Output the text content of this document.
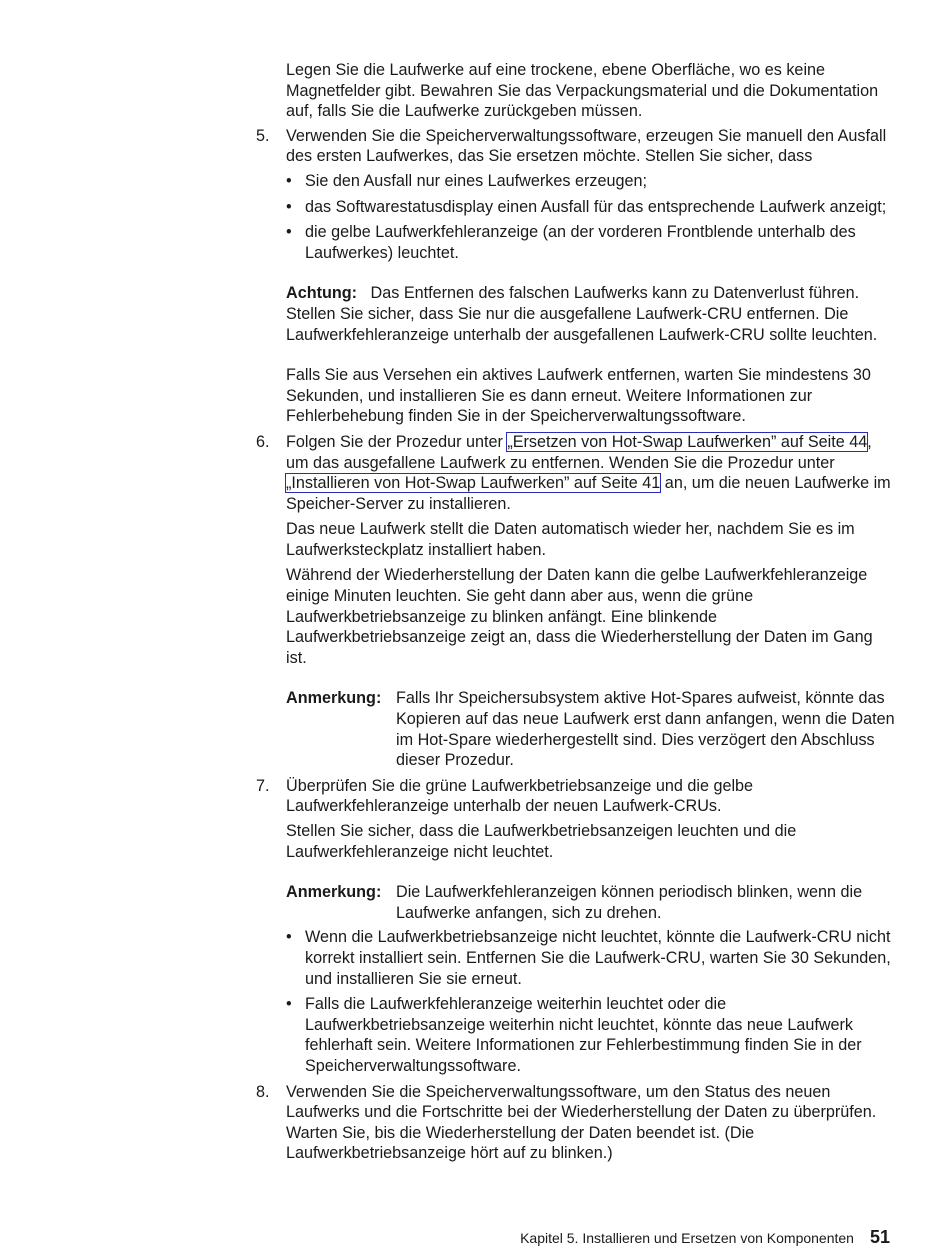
Legen Sie die Laufwerke auf eine trockene, ebene Oberfläche, wo es keine Magnetfelder gibt. Bewahren Sie das Verpackungsmaterial und die Dokumentation auf, falls Sie die Laufwerke zurückgeben müssen.

5. Verwenden Sie die Speicherverwaltungssoftware, erzeugen Sie manuell den Ausfall des ersten Laufwerkes, das Sie ersetzen möchte. Stellen Sie sicher, dass

• Sie den Ausfall nur eines Laufwerkes erzeugen;
• das Softwarestatusdisplay einen Ausfall für das entsprechende Laufwerk anzeigt;
• die gelbe Laufwerkfehleranzeige (an der vorderen Frontblende unterhalb des Laufwerkes) leuchtet.

Achtung: Das Entfernen des falschen Laufwerks kann zu Datenverlust führen. Stellen Sie sicher, dass Sie nur die ausgefallene Laufwerk-CRU entfernen. Die Laufwerkfehleranzeige unterhalb der ausgefallenen Laufwerk-CRU sollte leuchten.

Falls Sie aus Versehen ein aktives Laufwerk entfernen, warten Sie mindestens 30 Sekunden, und installieren Sie es dann erneut. Weitere Informationen zur Fehlerbehebung finden Sie in der Speicherverwaltungssoftware.

6. Folgen Sie der Prozedur unter „Ersetzen von Hot-Swap Laufwerken” auf Seite 44, um das ausgefallene Laufwerk zu entfernen. Wenden Sie die Prozedur unter „Installieren von Hot-Swap Laufwerken” auf Seite 41 an, um die neuen Laufwerke im Speicher-Server zu installieren.

Das neue Laufwerk stellt die Daten automatisch wieder her, nachdem Sie es im Laufwerksteckplatz installiert haben.

Während der Wiederherstellung der Daten kann die gelbe Laufwerkfehleranzeige einige Minuten leuchten. Sie geht dann aber aus, wenn die grüne Laufwerkbetriebsanzeige zu blinken anfängt. Eine blinkende Laufwerkbetriebsanzeige zeigt an, dass die Wiederherstellung der Daten im Gang ist.

Anmerkung: Falls Ihr Speichersubsystem aktive Hot-Spares aufweist, könnte das Kopieren auf das neue Laufwerk erst dann anfangen, wenn die Daten im Hot-Spare wiederhergestellt sind. Dies verzögert den Abschluss dieser Prozedur.

7. Überprüfen Sie die grüne Laufwerkbetriebsanzeige und die gelbe Laufwerkfehleranzeige unterhalb der neuen Laufwerk-CRUs.

Stellen Sie sicher, dass die Laufwerkbetriebsanzeigen leuchten und die Laufwerkfehleranzeige nicht leuchtet.

Anmerkung: Die Laufwerkfehleranzeigen können periodisch blinken, wenn die Laufwerke anfangen, sich zu drehen.

• Wenn die Laufwerkbetriebsanzeige nicht leuchtet, könnte die Laufwerk-CRU nicht korrekt installiert sein. Entfernen Sie die Laufwerk-CRU, warten Sie 30 Sekunden, und installieren Sie sie erneut.
• Falls die Laufwerkfehleranzeige weiterhin leuchtet oder die Laufwerkbetriebsanzeige weiterhin nicht leuchtet, könnte das neue Laufwerk fehlerhaft sein. Weitere Informationen zur Fehlerbestimmung finden Sie in der Speicherverwaltungssoftware.
8. Verwenden Sie die Speicherverwaltungssoftware, um den Status des neuen Laufwerks und die Fortschritte bei der Wiederherstellung der Daten zu überprüfen. Warten Sie, bis die Wiederherstellung der Daten beendet ist. (Die Laufwerkbetriebsanzeige hört auf zu blinken.)

Kapitel 5. Installieren und Ersetzen von Komponenten 51
